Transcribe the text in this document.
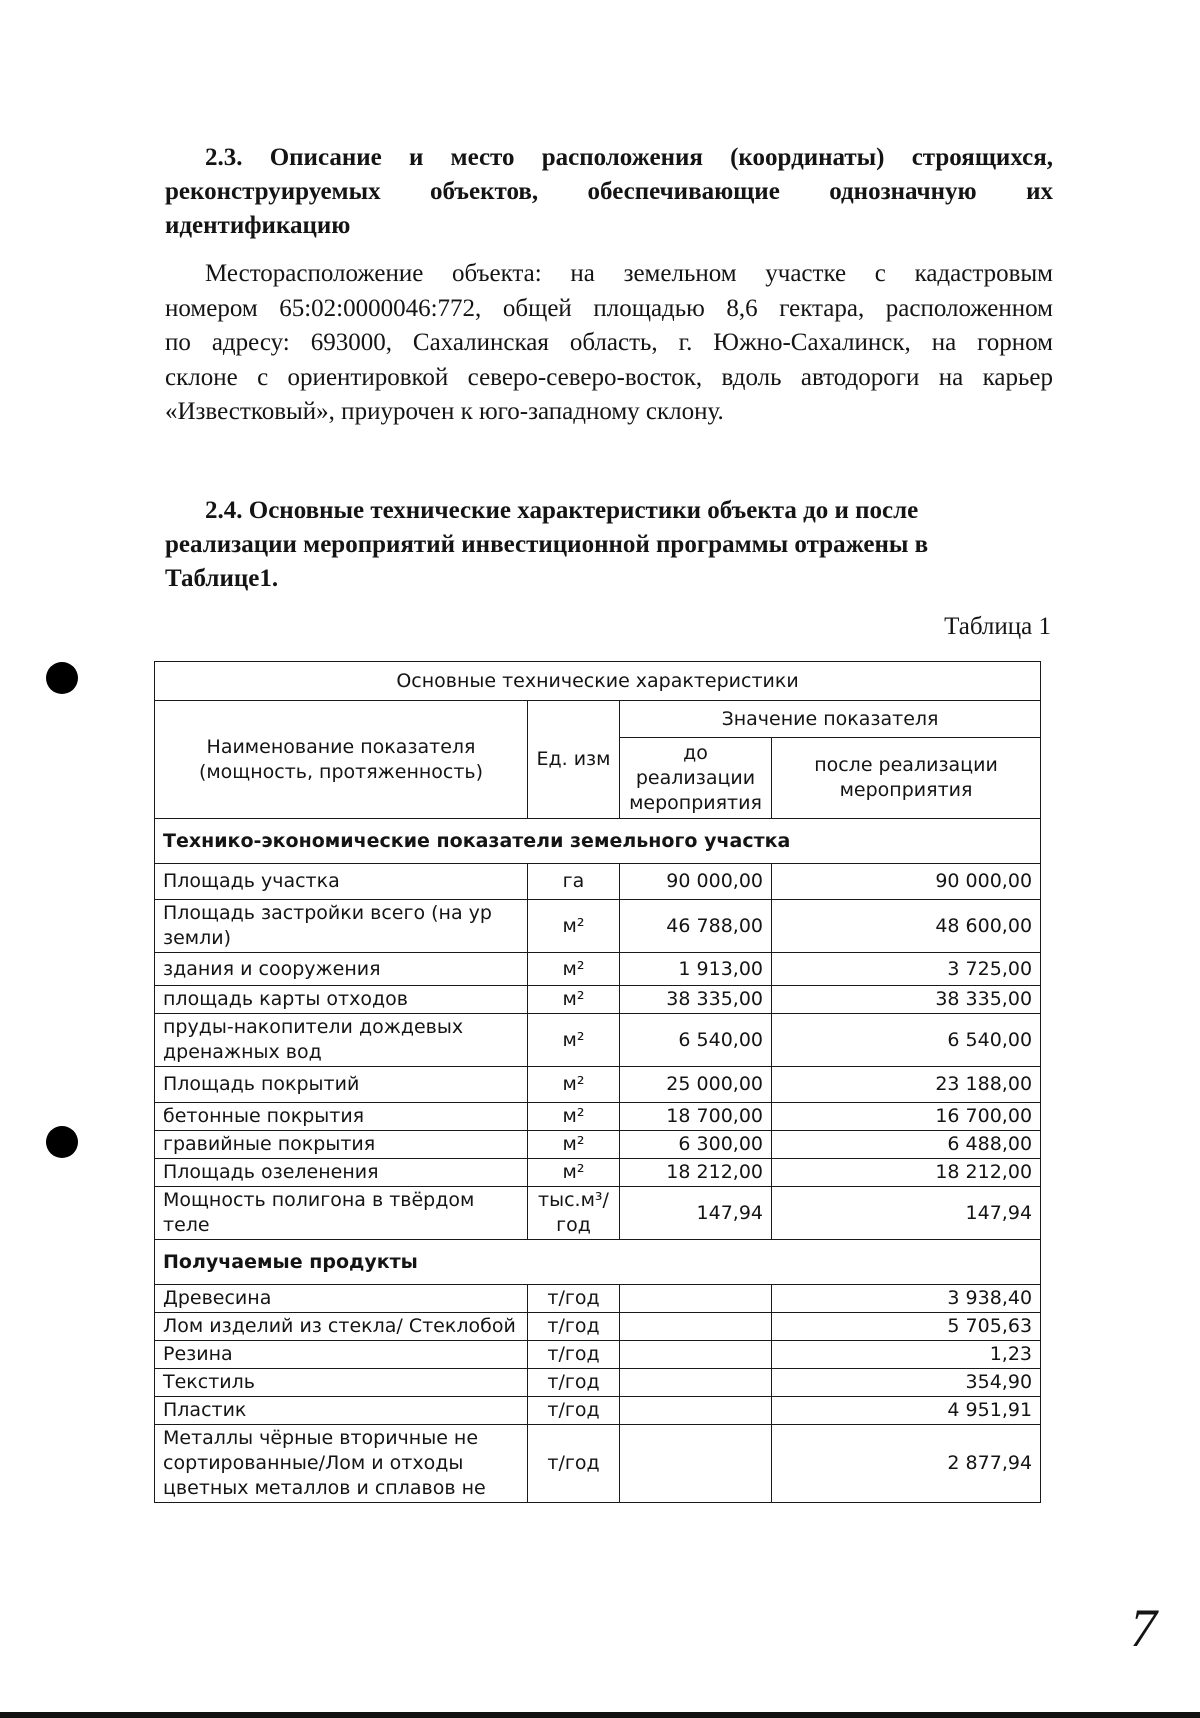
2.3. Описание и место расположения (координаты) строящихся,
реконструируемых объектов, обеспечивающие однозначную их
идентификацию
Месторасположение объекта: на земельном участке с кадастровым
номером 65:02:0000046:772, общей площадью 8,6 гектара, расположенном
по адресу: 693000, Сахалинская область, г. Южно-Сахалинск, на горном
склоне с ориентировкой северо-северо-восток, вдоль автодороги на карьер
«Известковый», приурочен к юго-западному склону.
2.4. Основные технические характеристики объекта до и после
реализации мероприятий инвестиционной программы отражены в
Таблице1.

Таблица 1

Основные технические характеристики			
Наименование показателя (мощность, протяженность)	Ед. изм	Значение показателя	
		до реализации мероприятия	после реализации мероприятия
Технико-экономические показатели земельного участка			
Площадь участка	га	90 000,00	90 000,00
Площадь застройки всего (на ур земли)	м²	46 788,00	48 600,00
здания и сооружения	м²	1 913,00	3 725,00
площадь карты отходов	м²	38 335,00	38 335,00
пруды-накопители дождевых дренажных вод	м²	6 540,00	6 540,00
Площадь покрытий	м²	25 000,00	23 188,00
бетонные покрытия	м²	18 700,00	16 700,00
гравийные покрытия	м²	6 300,00	6 488,00
Площадь озеленения	м²	18 212,00	18 212,00
Мощность полигона в твёрдом теле	тыс.м³/ год	147,94	147,94
Получаемые продукты			
Древесина	т/год		3 938,40
Лом изделий из стекла/ Стеклобой	т/год		5 705,63
Резина	т/год		1,23
Текстиль	т/год		354,90
Пластик	т/год		4 951,91
Металлы чёрные вторичные не сортированные/Лом и отходы цветных металлов и сплавов не	т/год		2 877,94
7
